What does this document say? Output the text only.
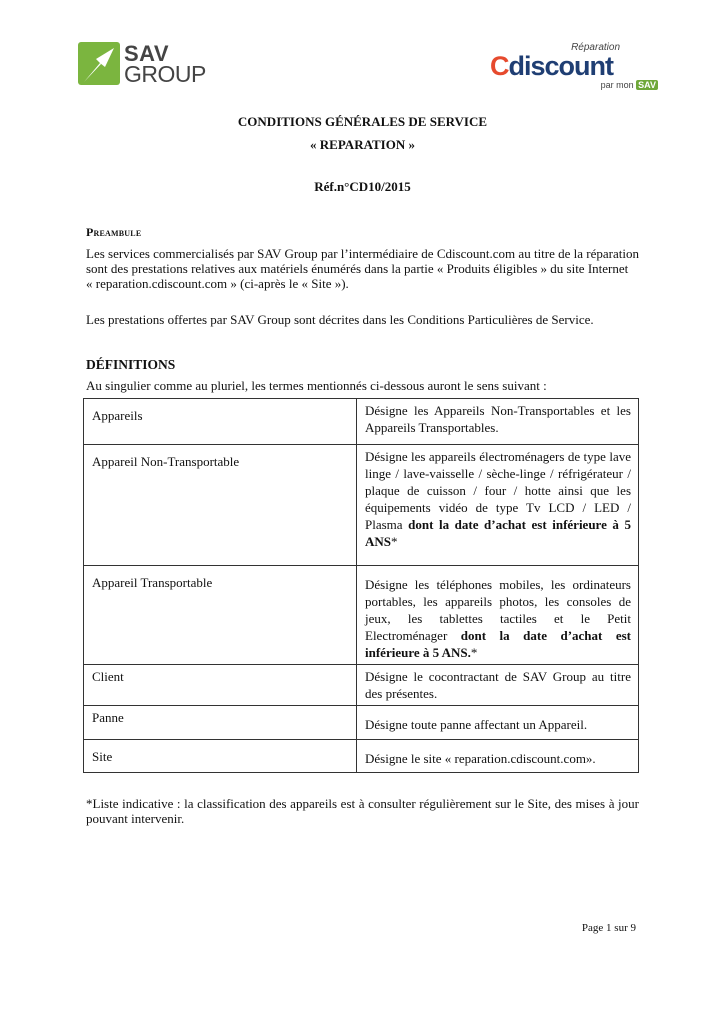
SAV
GROUP
Réparation
Cdiscount
par mon SAV
CONDITIONS GÉNÉRALES DE SERVICE
« REPARATION »
Réf.n°CD10/2015
Preambule
Les services commercialisés par SAV Group par l’intermédiaire de Cdiscount.com au titre de la réparation sont des prestations relatives aux matériels énumérés dans la partie « Produits éligibles » du site Internet
« reparation.cdiscount.com » (ci-après le « Site »).
Les prestations offertes par SAV Group sont décrites dans les Conditions Particulières de Service.
DÉFINITIONS
Au singulier comme au pluriel, les termes mentionnés ci-dessous auront le sens suivant :
Appareils	Désigne les Appareils Non-Transportables et les Appareils Transportables.
Appareil Non-Transportable	Désigne les appareils électroménagers de type lave linge / lave-vaisselle / sèche-linge / réfrigérateur / plaque de cuisson / four / hotte ainsi que les équipements vidéo de type Tv LCD / LED / Plasma dont la date d’achat est inférieure à 5 ANS*
Appareil Transportable	Désigne les téléphones mobiles, les ordinateurs portables, les appareils photos, les consoles de jeux, les tablettes tactiles et le Petit Electroménager dont la date d’achat est inférieure à 5 ANS.*
Client	Désigne le cocontractant de SAV Group au titre des présentes.
Panne	Désigne toute panne affectant un Appareil.
Site	Désigne le site « reparation.cdiscount.com».
*Liste indicative : la classification des appareils est à consulter régulièrement sur le Site, des mises à jour pouvant intervenir.
Page 1 sur 9
